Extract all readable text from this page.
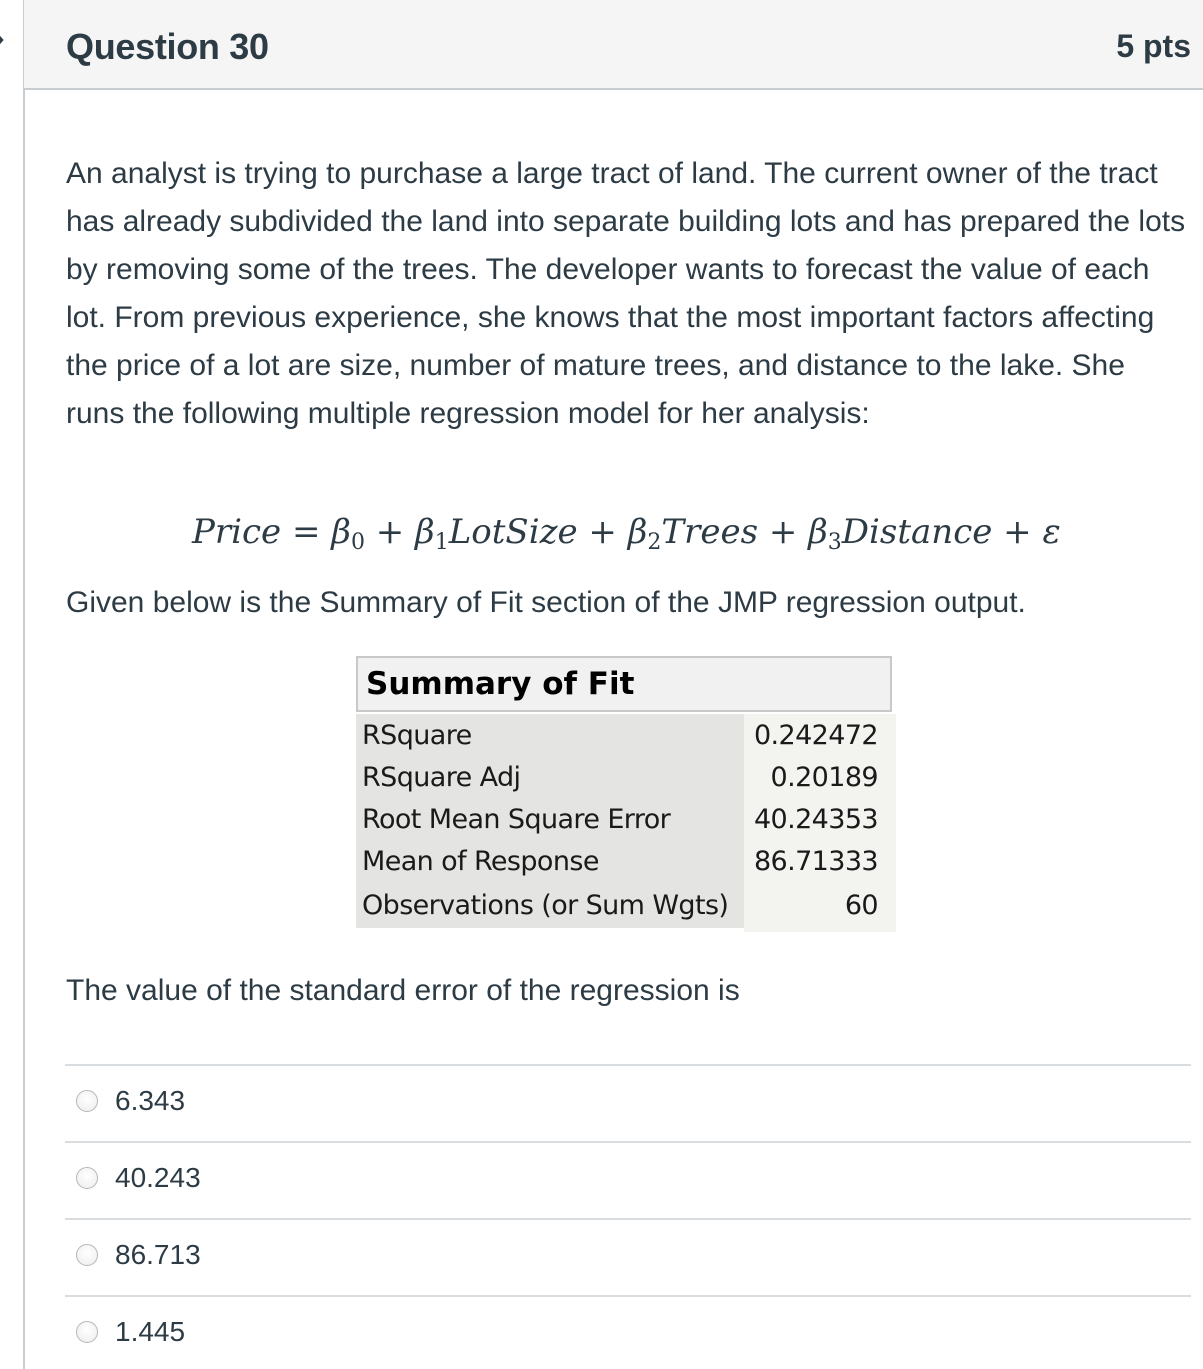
Question 30	5 pts
An analyst is trying to purchase a large tract of land. The current owner of the tract has already subdivided the land into separate building lots and has prepared the lots by removing some of the trees. The developer wants to forecast the value of each lot. From previous experience, she knows that the most important factors affecting the price of a lot are size, number of mature trees, and distance to the lake. She runs the following multiple regression model for her analysis:
Price = $\beta_0$ + $\beta_1LotSize$ + $\beta_2Trees$ + $\beta_3Distance + \varepsilon$
Given below is the Summary of Fit section of the JMP regression output.
Summary of Fit
RSquare	0.242472
RSquare Adj	0.20189
Root Mean Square Error	40.24353
Mean of Response	86.71333
Observations (or Sum Wgts)	60
The value of the standard error of the regression is
6.343
40.243
86.713
1.445
